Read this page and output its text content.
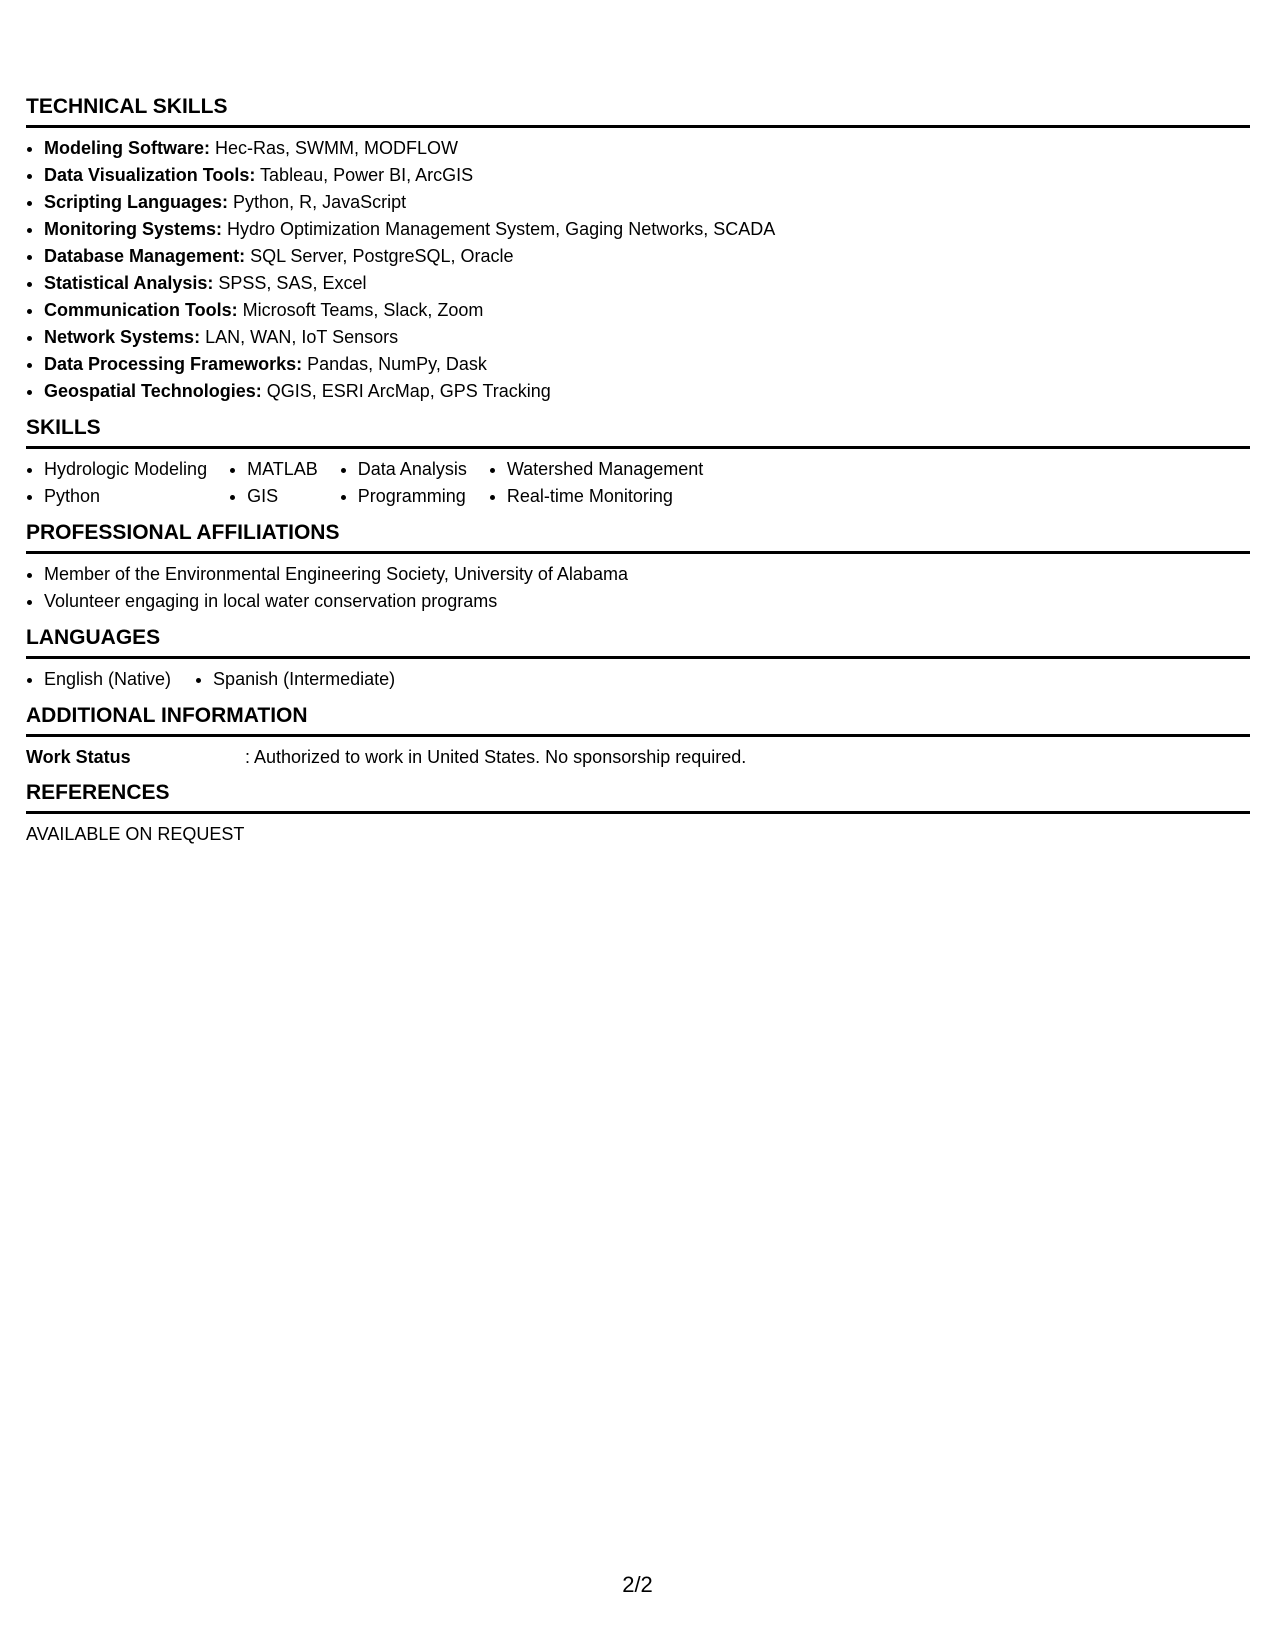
TECHNICAL SKILLS
• Modeling Software: Hec-Ras, SWMM, MODFLOW
• Data Visualization Tools: Tableau, Power BI, ArcGIS
• Scripting Languages: Python, R, JavaScript
• Monitoring Systems: Hydro Optimization Management System, Gaging Networks, SCADA
• Database Management: SQL Server, PostgreSQL, Oracle
• Statistical Analysis: SPSS, SAS, Excel
• Communication Tools: Microsoft Teams, Slack, Zoom
• Network Systems: LAN, WAN, IoT Sensors
• Data Processing Frameworks: Pandas, NumPy, Dask
• Geospatial Technologies: QGIS, ESRI ArcMap, GPS Tracking
SKILLS
• Hydrologic Modeling
• Python
• MATLAB
• GIS
• Data Analysis
• Programming
• Watershed Management
• Real-time Monitoring
PROFESSIONAL AFFILIATIONS
• Member of the Environmental Engineering Society, University of Alabama
• Volunteer engaging in local water conservation programs
LANGUAGES
• English (Native)
• Spanish (Intermediate)
ADDITIONAL INFORMATION
Work Status	: Authorized to work in United States. No sponsorship required.
REFERENCES
AVAILABLE ON REQUEST
2/2
